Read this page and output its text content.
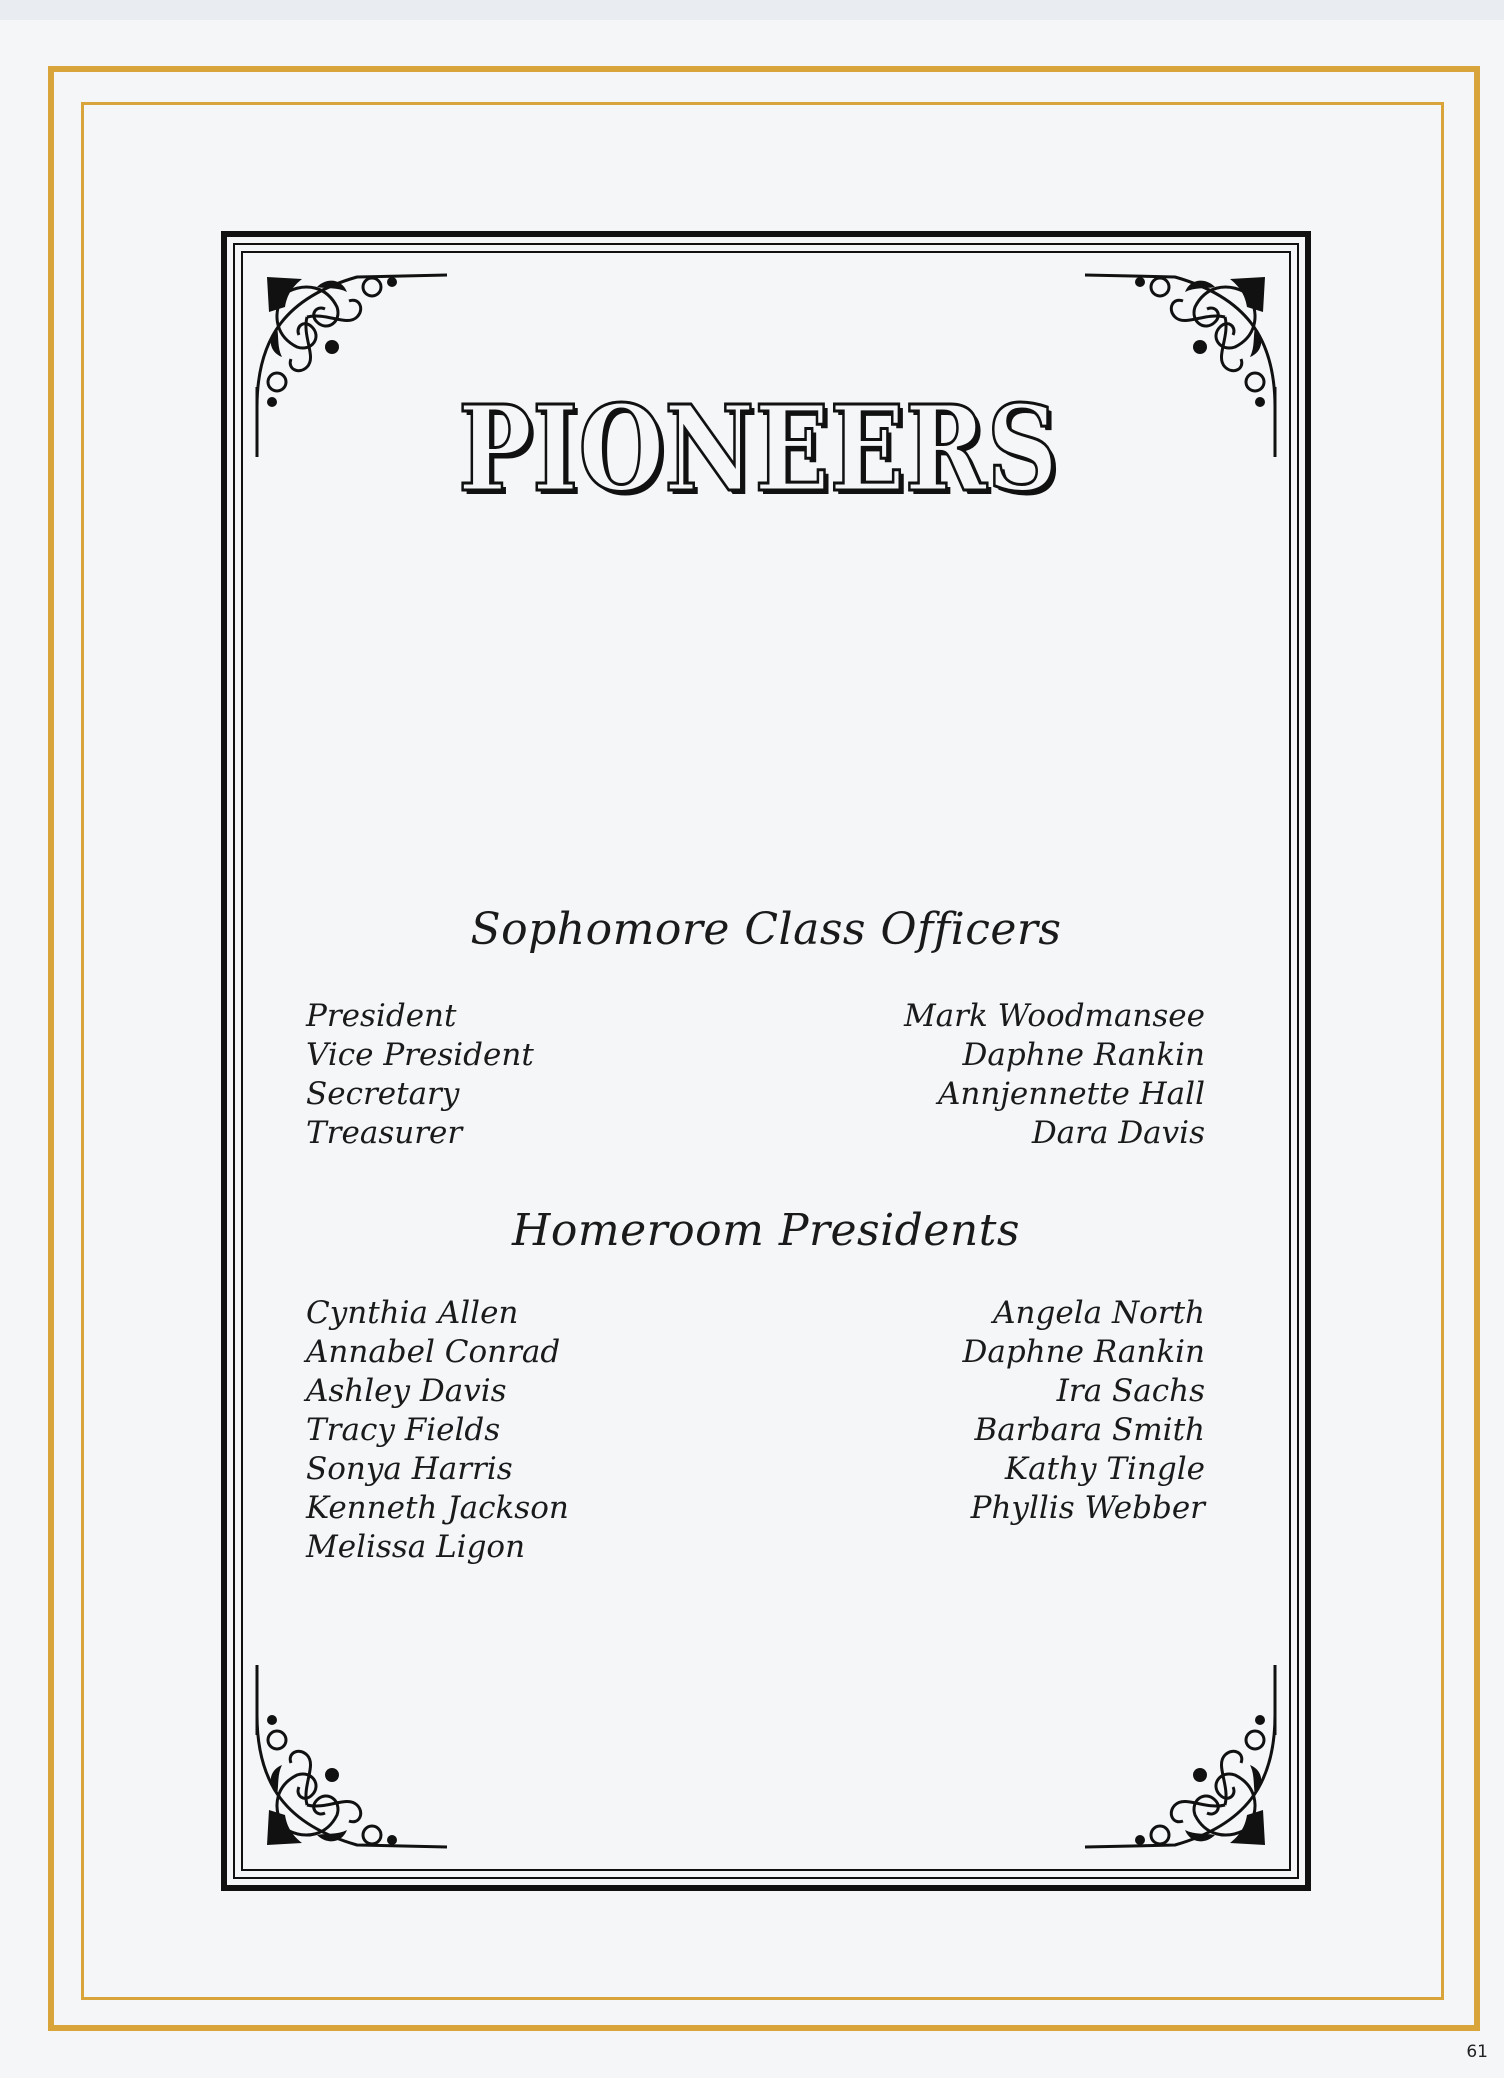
PIONEERS
PIONEERS
Sophomore Class Officers
President
Vice President
Secretary
Treasurer
Mark Woodmansee
Daphne Rankin
Annjennette Hall
Dara Davis
Homeroom Presidents
Cynthia Allen
Annabel Conrad
Ashley Davis
Tracy Fields
Sonya Harris
Kenneth Jackson
Melissa Ligon
Angela North
Daphne Rankin
Ira Sachs
Barbara Smith
Kathy Tingle
Phyllis Webber
61
